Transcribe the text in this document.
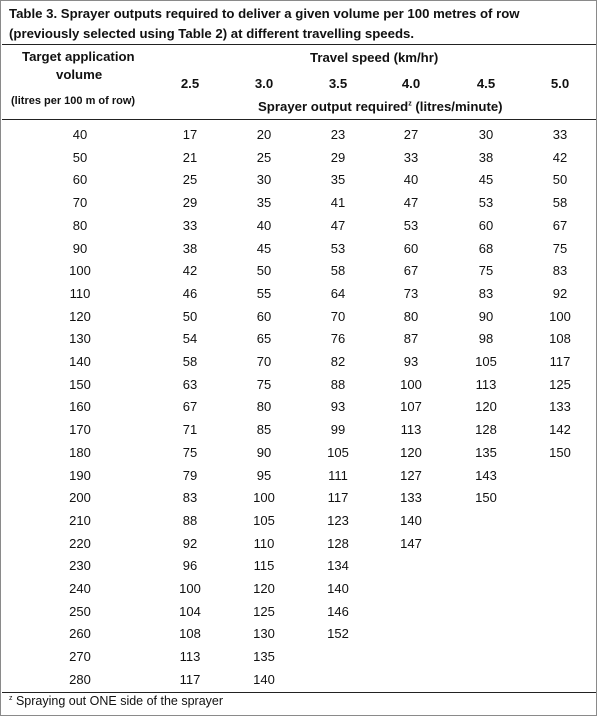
Table 3. Sprayer outputs required to deliver a given volume per 100 metres of row (previously selected using Table 2) at different travelling speeds.
Target application
volume
(litres per 100 m of row)
Travel speed (km/hr)
2.5	3.0	3.5	4.0	4.5	5.0
Sprayer output required$^z$ (litres/minute)
40	17	20	23	27	30	33
50	21	25	29	33	38	42
60	25	30	35	40	45	50
70	29	35	41	47	53	58
80	33	40	47	53	60	67
90	38	45	53	60	68	75
100	42	50	58	67	75	83
110	46	55	64	73	83	92
120	50	60	70	80	90	100
130	54	65	76	87	98	108
140	58	70	82	93	105	117
150	63	75	88	100	113	125
160	67	80	93	107	120	133
170	71	85	99	113	128	142
180	75	90	105	120	135	150
190	79	95	111	127	143
200	83	100	117	133	150
210	88	105	123	140
220	92	110	128	147
230	96	115	134
240	100	120	140
250	104	125	146
260	108	130	152
270	113	135
280	117	140
$^z$ Spraying out ONE side of the sprayer
